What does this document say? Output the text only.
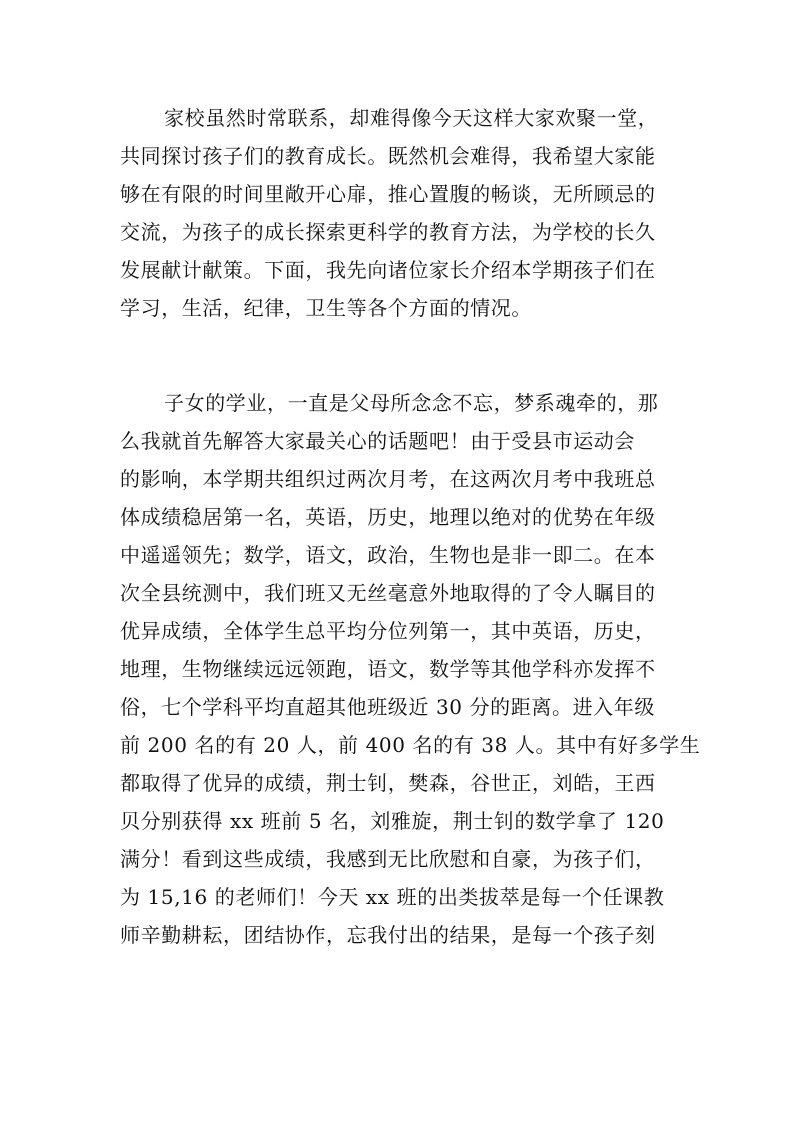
家校虽然时常联系，却难得像今天这样大家欢聚一堂，
共同探讨孩子们的教育成长。既然机会难得，我希望大家能
够在有限的时间里敞开心扉，推心置腹的畅谈，无所顾忌的
交流，为孩子的成长探索更科学的教育方法，为学校的长久
发展献计献策。下面，我先向诸位家长介绍本学期孩子们在
学习，生活，纪律，卫生等各个方面的情况。
子女的学业，一直是父母所念念不忘，梦系魂牵的，那
么我就首先解答大家最关心的话题吧！由于受县市运动会
的影响，本学期共组织过两次月考，在这两次月考中我班总
体成绩稳居第一名，英语，历史，地理以绝对的优势在年级
中遥遥领先；数学，语文，政治，生物也是非一即二。在本
次全县统测中，我们班又无丝毫意外地取得的了令人瞩目的
优异成绩，全体学生总平均分位列第一，其中英语，历史，
地理，生物继续远远领跑，语文，数学等其他学科亦发挥不
俗，七个学科平均直超其他班级近 30 分的距离。进入年级
前 200 名的有 20 人，前 400 名的有 38 人。其中有好多学生
都取得了优异的成绩，荆士钊，樊森，谷世正，刘皓，王西
贝分别获得 xx 班前 5 名，刘雅旋，荆士钊的数学拿了 120
满分！看到这些成绩，我感到无比欣慰和自豪，为孩子们，
为 15,16 的老师们！今天 xx 班的出类拔萃是每一个任课教
师辛勤耕耘，团结协作，忘我付出的结果，是每一个孩子刻
